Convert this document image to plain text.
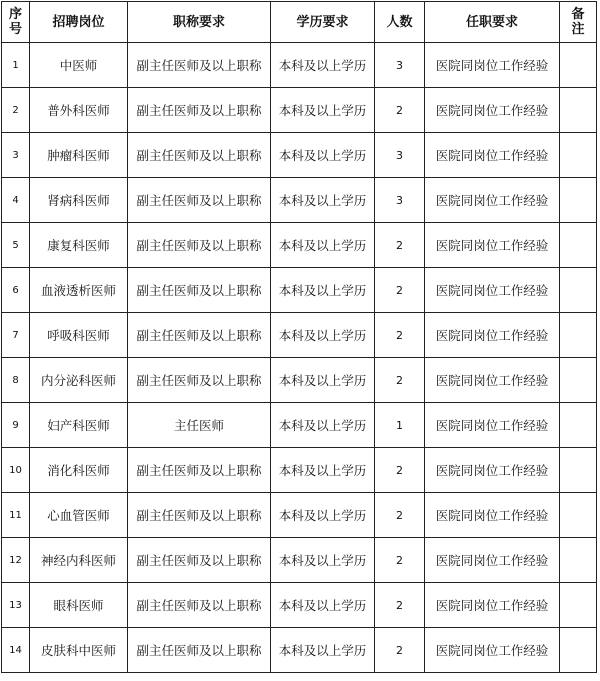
序号	招聘岗位	职称要求	学历要求	人数	任职要求	备注
1	中医师	副主任医师及以上职称	本科及以上学历	3	医院同岗位工作经验	
2	普外科医师	副主任医师及以上职称	本科及以上学历	2	医院同岗位工作经验	
3	肿瘤科医师	副主任医师及以上职称	本科及以上学历	3	医院同岗位工作经验	
4	肾病科医师	副主任医师及以上职称	本科及以上学历	3	医院同岗位工作经验	
5	康复科医师	副主任医师及以上职称	本科及以上学历	2	医院同岗位工作经验	
6	血液透析医师	副主任医师及以上职称	本科及以上学历	2	医院同岗位工作经验	
7	呼吸科医师	副主任医师及以上职称	本科及以上学历	2	医院同岗位工作经验	
8	内分泌科医师	副主任医师及以上职称	本科及以上学历	2	医院同岗位工作经验	
9	妇产科医师	主任医师	本科及以上学历	1	医院同岗位工作经验	
10	消化科医师	副主任医师及以上职称	本科及以上学历	2	医院同岗位工作经验	
11	心血管医师	副主任医师及以上职称	本科及以上学历	2	医院同岗位工作经验	
12	神经内科医师	副主任医师及以上职称	本科及以上学历	2	医院同岗位工作经验	
13	眼科医师	副主任医师及以上职称	本科及以上学历	2	医院同岗位工作经验	
14	皮肤科中医师	副主任医师及以上职称	本科及以上学历	2	医院同岗位工作经验	
